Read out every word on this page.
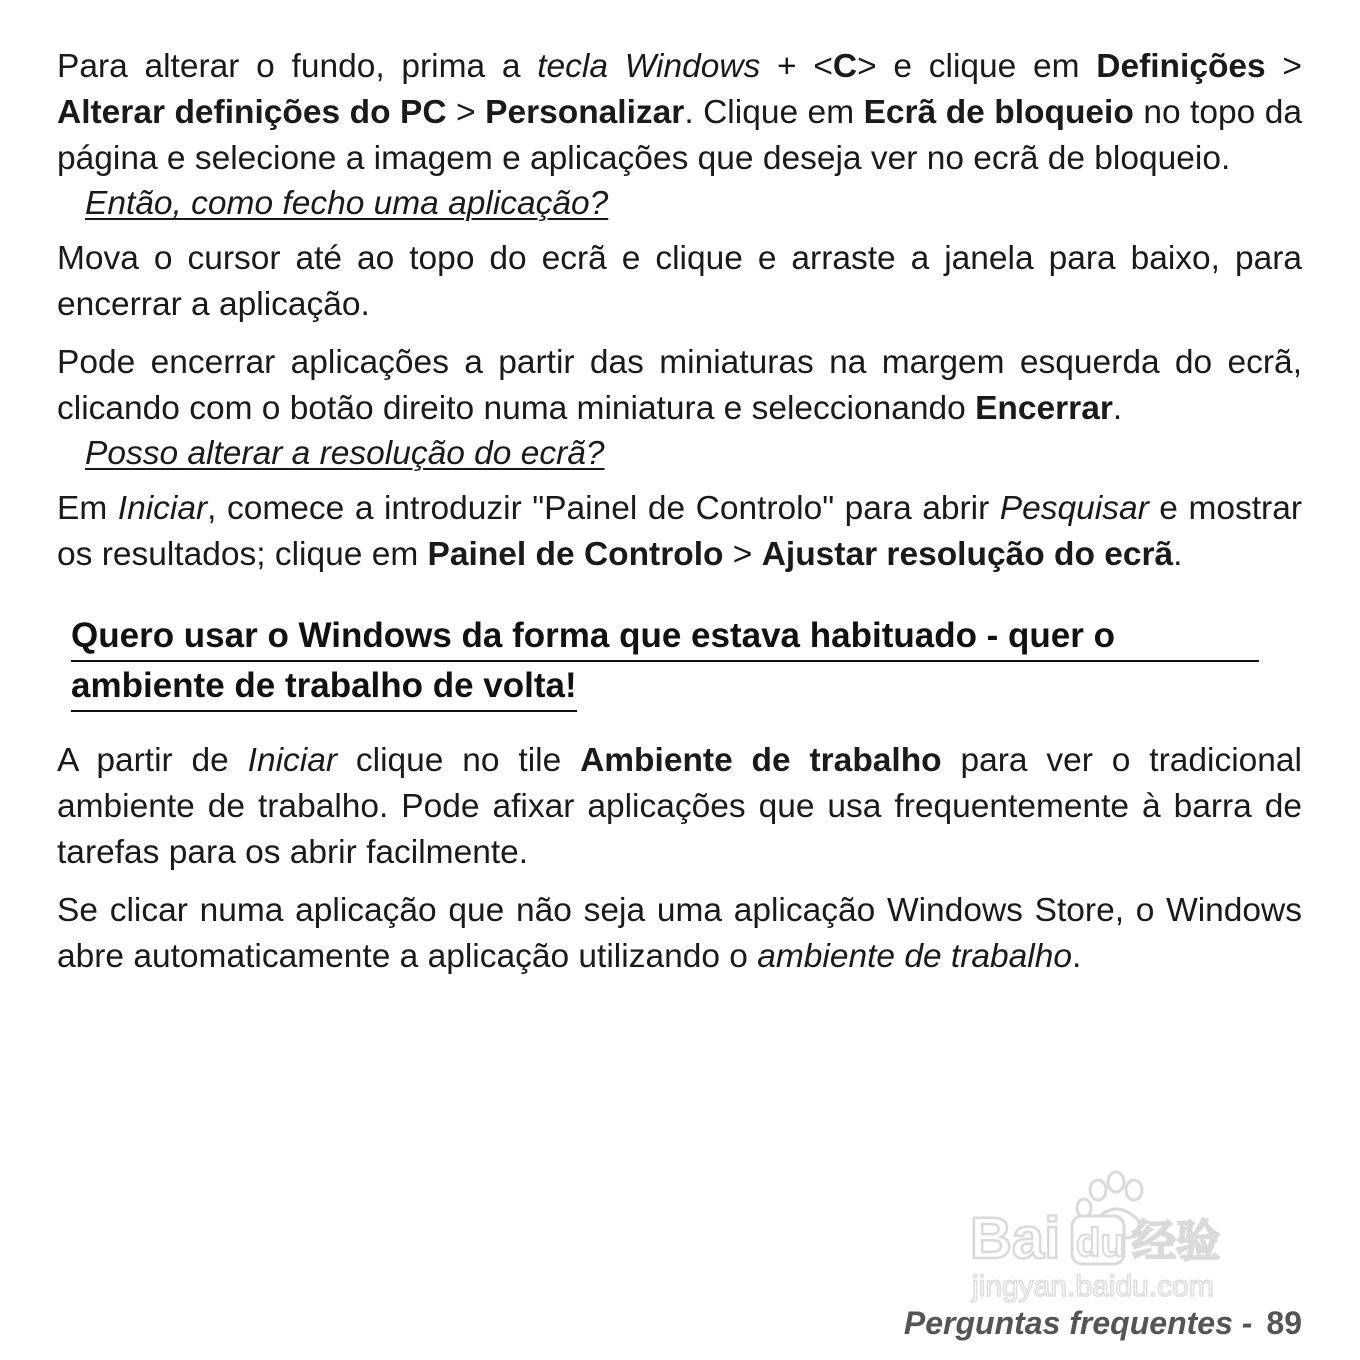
Para alterar o fundo, prima a tecla Windows + <C> e clique em Definições > Alterar definições do PC > Personalizar. Clique em Ecrã de bloqueio no topo da página e selecione a imagem e aplicações que deseja ver no ecrã de bloqueio.

Então, como fecho uma aplicação?

Mova o cursor até ao topo do ecrã e clique e arraste a janela para baixo, para encerrar a aplicação.

Pode encerrar aplicações a partir das miniaturas na margem esquerda do ecrã, clicando com o botão direito numa miniatura e seleccionando Encerrar.

Posso alterar a resolução do ecrã?

Em Iniciar, comece a introduzir "Painel de Controlo" para abrir Pesquisar e mostrar os resultados; clique em Painel de Controlo > Ajustar resolução do ecrã.

Quero usar o Windows da forma que estava habituado - quer o
ambiente de trabalho de volta!

A partir de Iniciar clique no tile Ambiente de trabalho para ver o tradicional ambiente de trabalho. Pode afixar aplicações que usa frequentemente à barra de tarefas para os abrir facilmente.

Se clicar numa aplicação que não seja uma aplicação Windows Store, o Windows abre automaticamente a aplicação utilizando o ambiente de trabalho.

Bai du 经验
jingyan.baidu.com
Perguntas frequentes - 89
